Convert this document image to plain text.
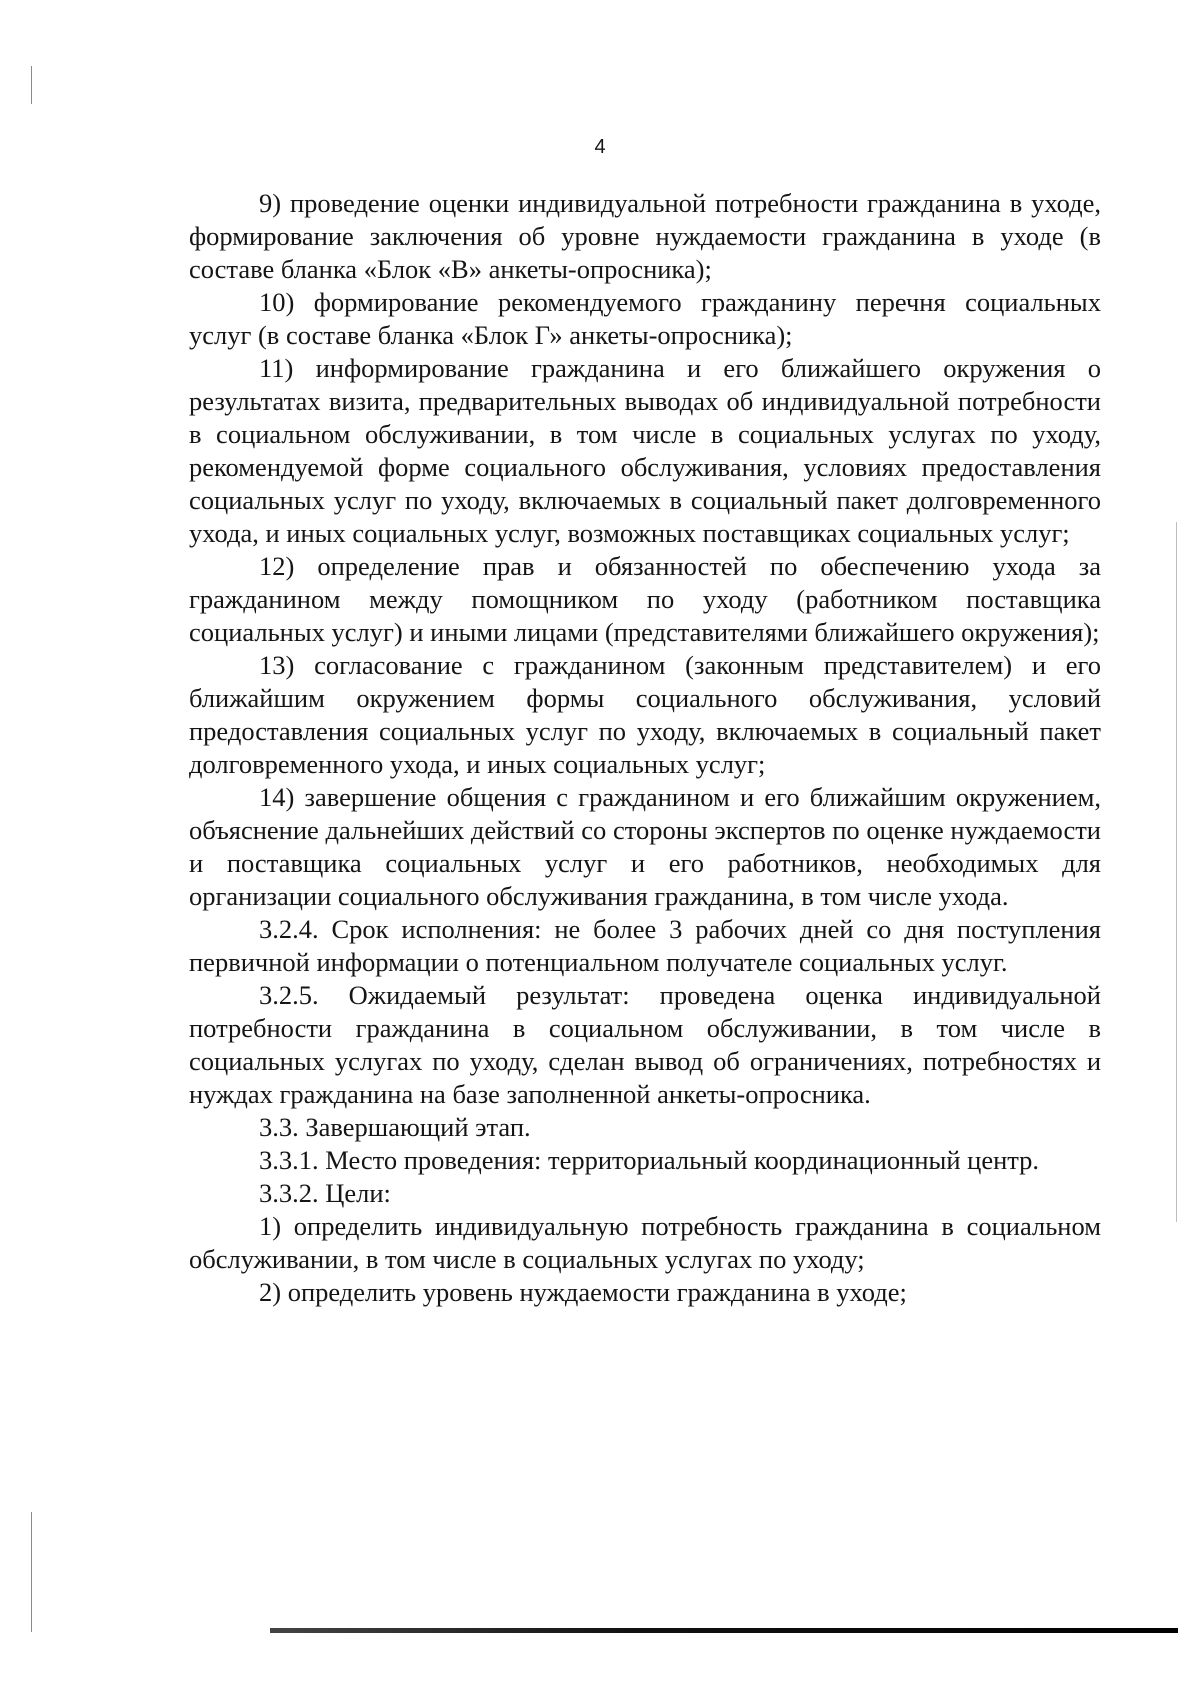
4

9) проведение оценки индивидуальной потребности гражданина в уходе, формирование заключения об уровне нуждаемости гражданина в уходе (в составе бланка «Блок «В» анкеты-опросника);

10) формирование рекомендуемого гражданину перечня социальных услуг (в составе бланка «Блок Г» анкеты-опросника);

11) информирование гражданина и его ближайшего окружения о результатах визита, предварительных выводах об индивидуальной потребности в социальном обслуживании, в том числе в социальных услугах по уходу, рекомендуемой форме социального обслуживания, условиях предоставления социальных услуг по уходу, включаемых в социальный пакет долговременного ухода, и иных социальных услуг, возможных поставщиках социальных услуг;

12) определение прав и обязанностей по обеспечению ухода за гражданином между помощником по уходу (работником поставщика социальных услуг) и иными лицами (представителями ближайшего окружения);

13) согласование с гражданином (законным представителем) и его ближайшим окружением формы социального обслуживания, условий предоставления социальных услуг по уходу, включаемых в социальный пакет долговременного ухода, и иных социальных услуг;

14) завершение общения с гражданином и его ближайшим окружением, объяснение дальнейших действий со стороны экспертов по оценке нуждаемости и поставщика социальных услуг и его работников, необходимых для организации социального обслуживания гражданина, в том числе ухода.

3.2.4. Срок исполнения: не более 3 рабочих дней со дня поступления первичной информации о потенциальном получателе социальных услуг.

3.2.5. Ожидаемый результат: проведена оценка индивидуальной потребности гражданина в социальном обслуживании, в том числе в социальных услугах по уходу, сделан вывод об ограничениях, потребностях и нуждах гражданина на базе заполненной анкеты-опросника.

3.3. Завершающий этап.

3.3.1. Место проведения: территориальный координационный центр.

3.3.2. Цели:

1) определить индивидуальную потребность гражданина в социальном обслуживании, в том числе в социальных услугах по уходу;

2) определить уровень нуждаемости гражданина в уходе;
